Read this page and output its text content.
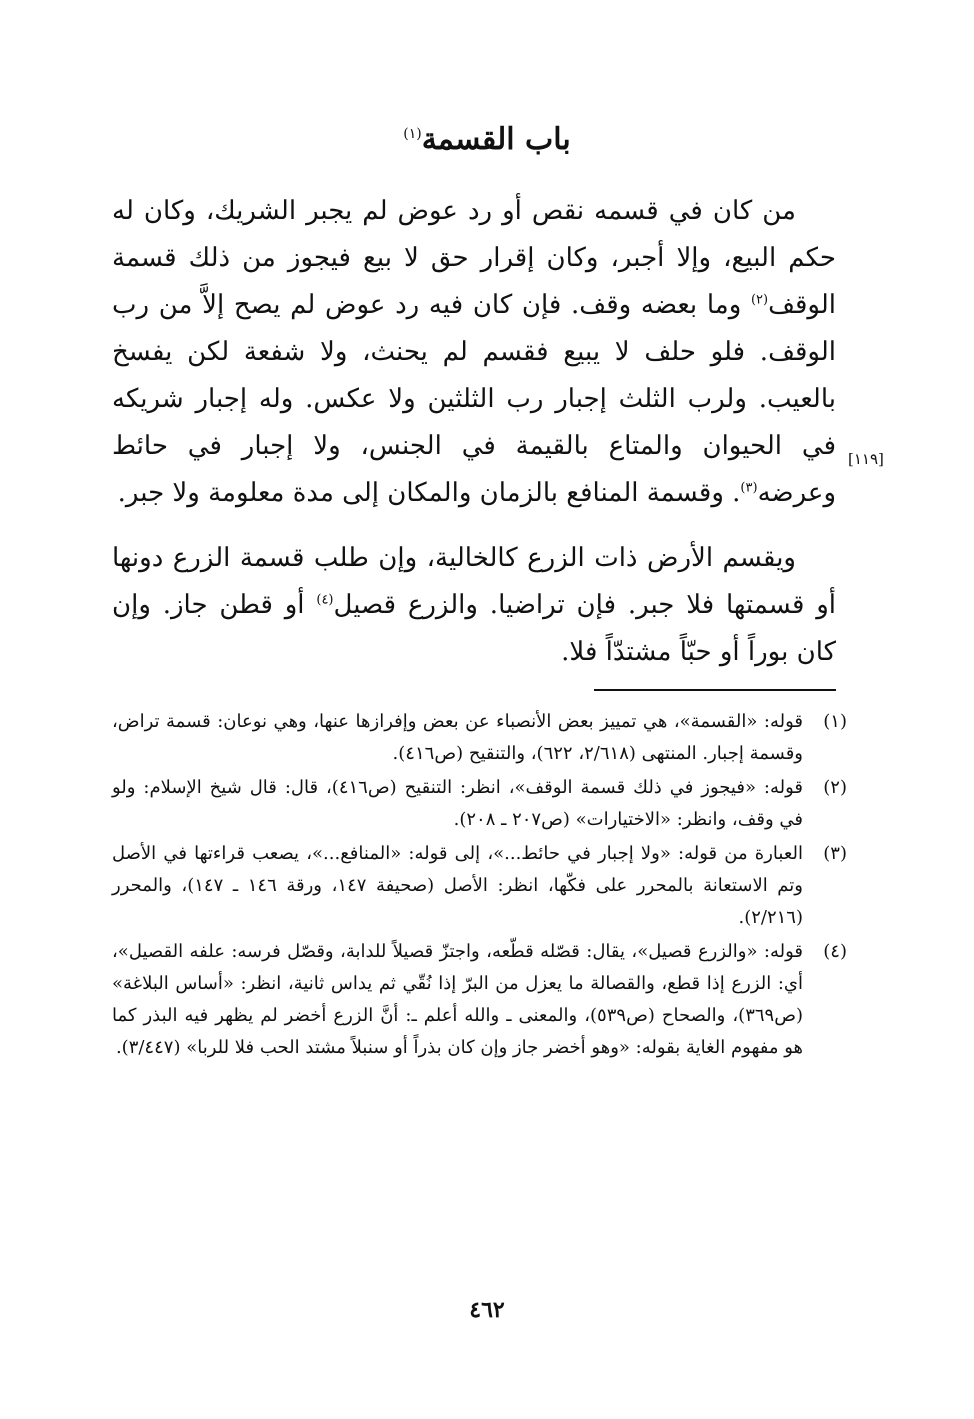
باب القسمة$^{(١)}$
من كان في قسمه نقص أو رد عوض لم يجبر الشريك، وكان له حكم البيع، وإلا أجبر، وكان إقرار حق لا بيع فيجوز من ذلك قسمة الوقف$^{(٢)}$ وما بعضه وقف. فإن كان فيه رد عوض لم يصح إلاَّ من رب الوقف. فلو حلف لا يبيع فقسم لم يحنث، ولا شفعة لكن يفسخ بالعيب. ولرب الثلث إجبار رب الثلثين ولا عكس. وله إجبار شريكه في الحيوان والمتاع بالقيمة في الجنس، ولا إجبار في حائط وعرضه$^{(٣)}$. وقسمة المنافع بالزمان والمكان إلى مدة معلومة ولا جبر.
[١١٩]
ويقسم الأرض ذات الزرع كالخالية، وإن طلب قسمة الزرع دونها أو قسمتها فلا جبر. فإن تراضيا. والزرع قصيل$^{(٤)}$ أو قطن جاز. وإن كان بوراً أو حبّاً مشتدّاً فلا.
(١)
قوله: «القسمة»، هي تمييز بعض الأنصباء عن بعض وإفرازها عنها، وهي نوعان: قسمة تراض، وقسمة إجبار. المنتهى (٢/٦١٨، ٦٢٢)، والتنقيح (ص٤١٦).
(٢)
قوله: «فيجوز في ذلك قسمة الوقف»، انظر: التنقيح (ص٤١٦)، قال: قال شيخ الإسلام: ولو في وقف، وانظر: «الاختيارات» (ص٢٠٧ ـ ٢٠٨).
(٣)
العبارة من قوله: «ولا إجبار في حائط...»، إلى قوله: «المنافع...»، يصعب قراءتها في الأصل وتم الاستعانة بالمحرر على فكّها، انظر: الأصل (صحيفة ١٤٧، ورقة ١٤٦ ـ ١٤٧)، والمحرر (٢/٢١٦).
(٤)
قوله: «والزرع قصيل»، يقال: قصّله قطّعه، واجتزّ قصيلاً للدابة، وقصّل فرسه: علفه القصيل»، أي: الزرع إذا قطع، والقصالة ما يعزل من البرّ إذا نُقّي ثم يداس ثانية، انظر: «أساس البلاغة» (ص٣٦٩)، والصحاح (ص٥٣٩)، والمعنى ـ والله أعلم ـ: أنَّ الزرع أخضر لم يظهر فيه البذر كما هو مفهوم الغاية بقوله: «وهو أخضر جاز وإن كان بذراً أو سنبلاً مشتد الحب فلا للربا» (٣/٤٤٧).
٤٦٢
